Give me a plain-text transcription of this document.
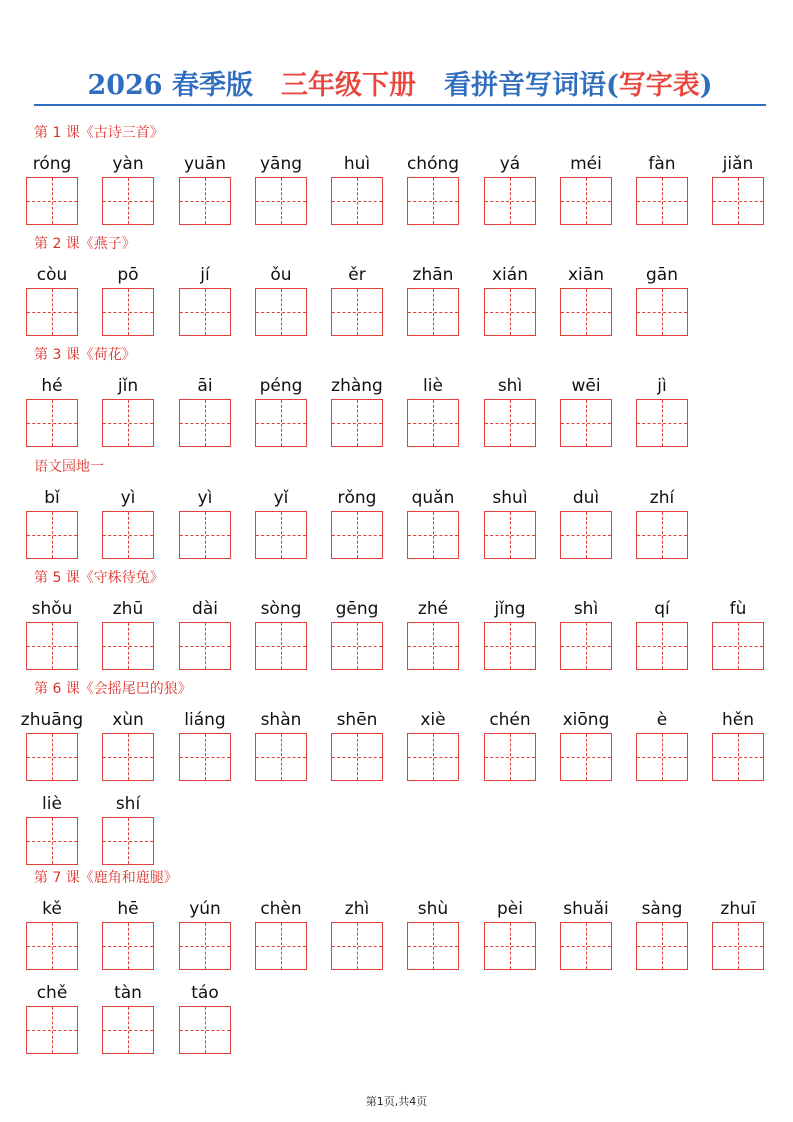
2026 春季版 三年级下册 看拼音写词语(写字表)
第 1 课《古诗三首》
róng	yàn	yuān	yāng	huì	chóng	yá	méi	fàn	jiǎn
第 2 课《燕子》
còu	pō	jí	ǒu	ěr	zhān	xián	xiān	gān
第 3 课《荷花》
hé	jǐn	āi	péng	zhàng	liè	shì	wēi	jì
语文园地一
bǐ	yì	yì	yǐ	rǒng	quǎn	shuì	duì	zhí
第 5 课《守株待兔》
shǒu	zhū	dài	sòng	gēng	zhé	jǐng	shì	qí	fù
第 6 课《会摇尾巴的狼》
zhuāng	xùn	liáng	shàn	shēn	xiè	chén	xiōng	è	hěn
liè	shí
第 7 课《鹿角和鹿腿》
kě	hē	yún	chèn	zhì	shù	pèi	shuǎi	sàng	zhuī
chě	tàn	táo
第1页,共4页
